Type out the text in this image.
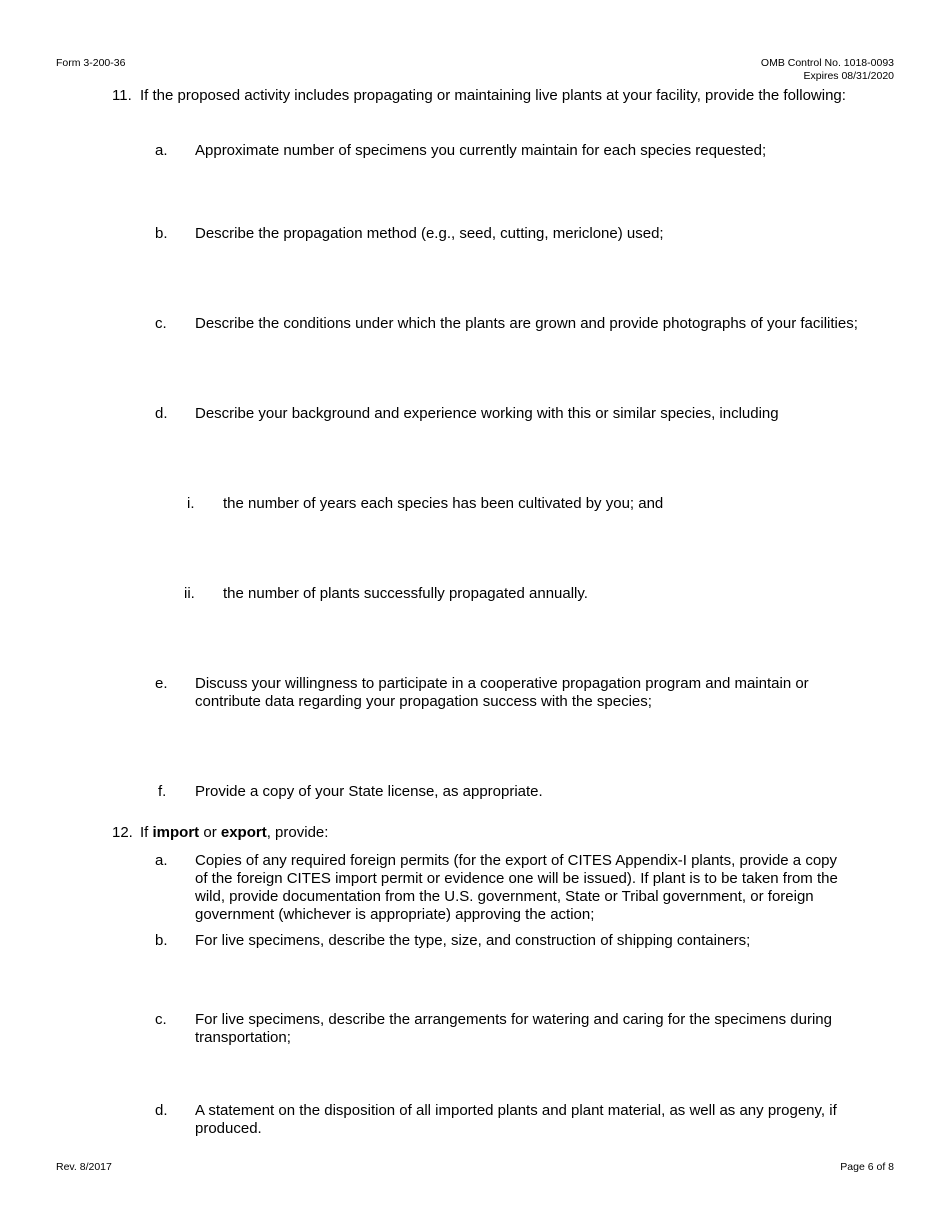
Form 3-200-36	OMB Control No. 1018-0093
Expires 08/31/2020
11. If the proposed activity includes propagating or maintaining live plants at your facility, provide the following:
a. Approximate number of specimens you currently maintain for each species requested;
b. Describe the propagation method (e.g., seed, cutting, mericlone) used;
c. Describe the conditions under which the plants are grown and provide photographs of your facilities;
d. Describe your background and experience working with this or similar species, including
i. the number of years each species has been cultivated by you; and
ii. the number of plants successfully propagated annually.
e. Discuss your willingness to participate in a cooperative propagation program and maintain or
contribute data regarding your propagation success with the species;
f. Provide a copy of your State license, as appropriate.
12. If import or export, provide:
a. Copies of any required foreign permits (for the export of CITES Appendix-I plants, provide a copy
of the foreign CITES import permit or evidence one will be issued). If plant is to be taken from the
wild, provide documentation from the U.S. government, State or Tribal government, or foreign
government (whichever is appropriate) approving the action;
b. For live specimens, describe the type, size, and construction of shipping containers;
c. For live specimens, describe the arrangements for watering and caring for the specimens during
transportation;
d. A statement on the disposition of all imported plants and plant material, as well as any progeny, if
produced.
Rev. 8/2017	Page 6 of 8
